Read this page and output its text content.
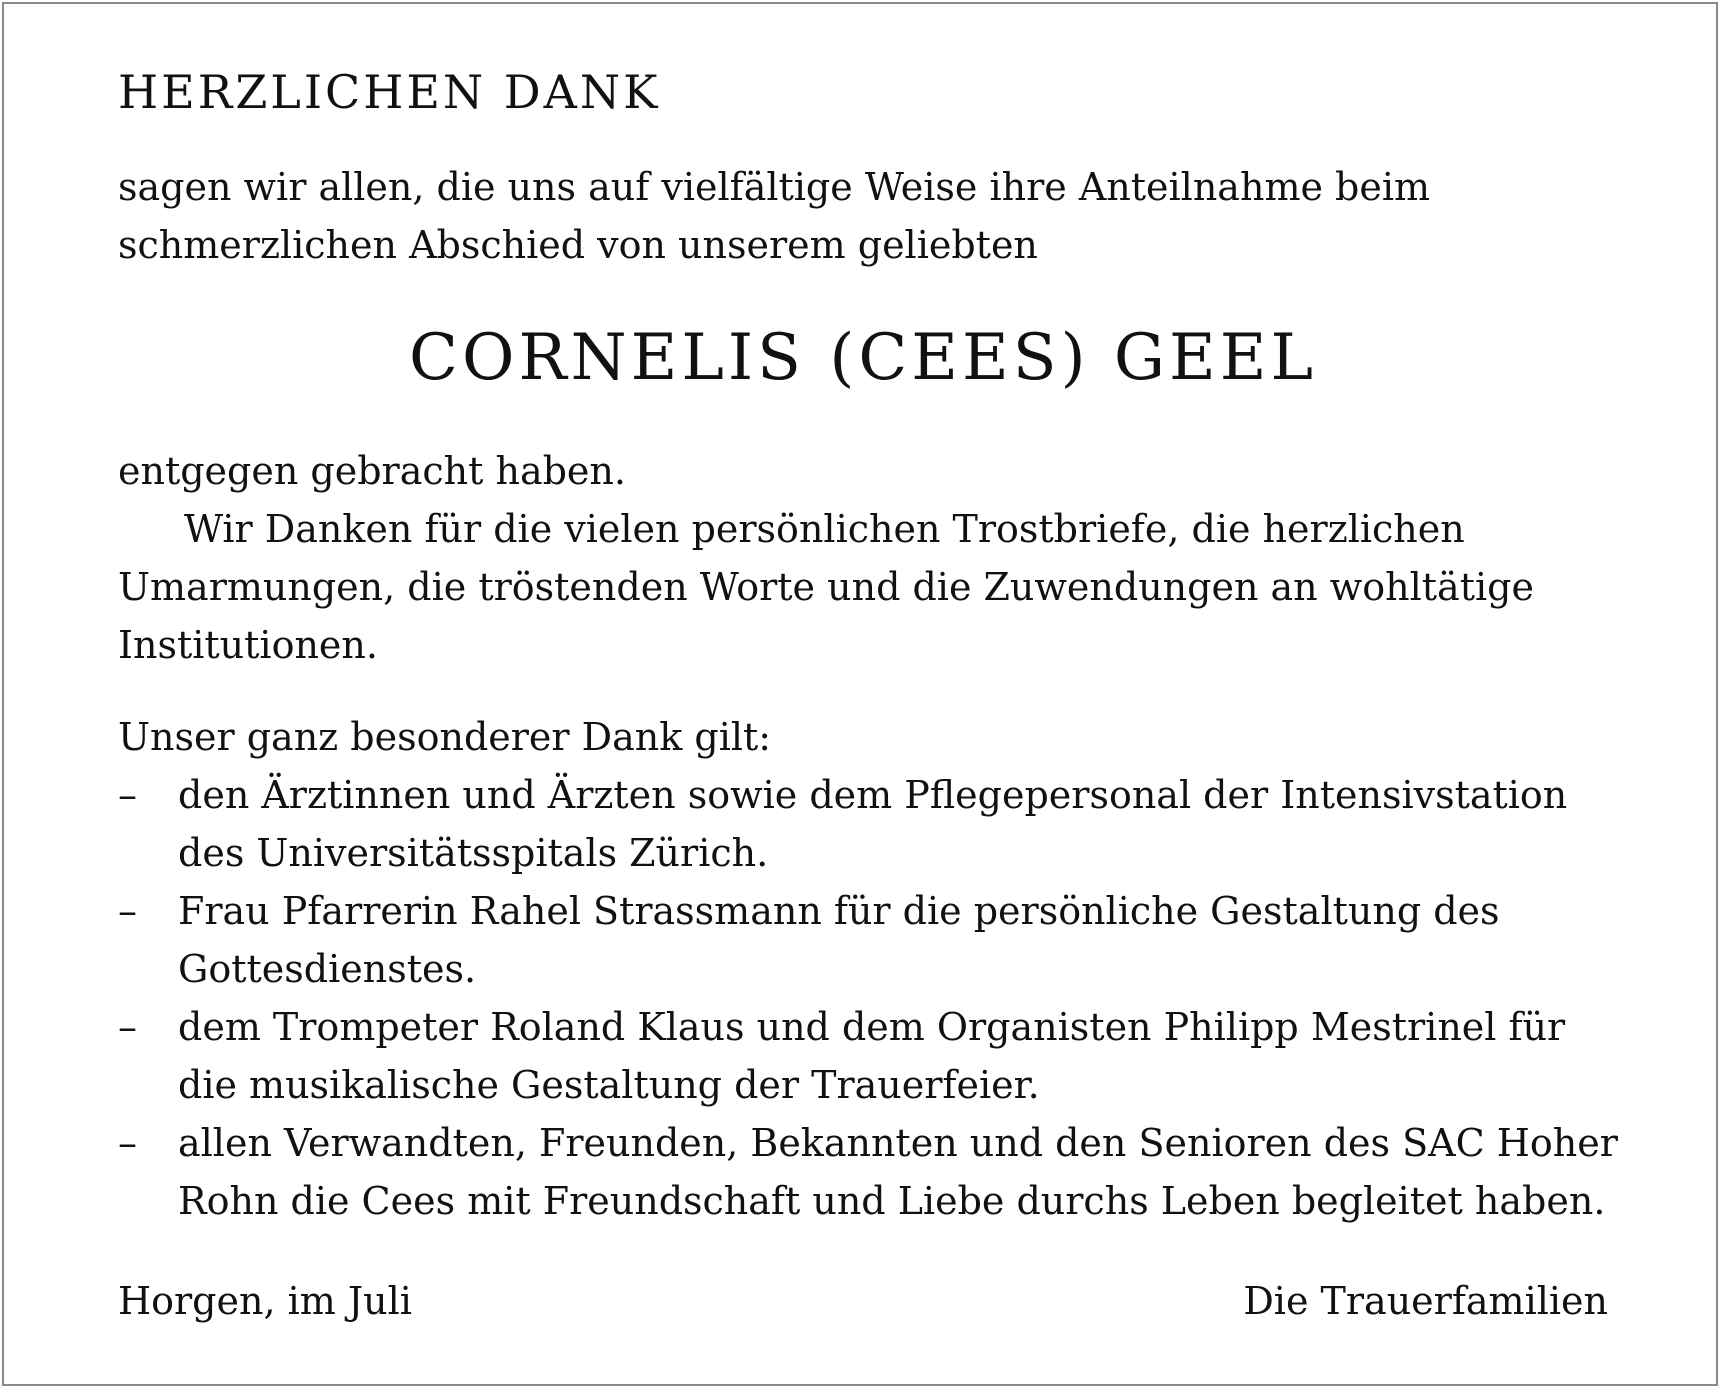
HERZLICHEN DANK
sagen wir allen, die uns auf vielfältige Weise ihre Anteilnahme beim
schmerzlichen Abschied von unserem geliebten
CORNELIS (CEES) GEEL
entgegen gebracht haben.
Wir Danken für die vielen persönlichen Trostbriefe, die herzlichen
Umarmungen, die tröstenden Worte und die Zuwendungen an wohltätige
Institutionen.
Unser ganz besonderer Dank gilt:
–	den Ärztinnen und Ärzten sowie dem Pflegepersonal der Intensivstation
des Universitätsspitals Zürich.
–	Frau Pfarrerin Rahel Strassmann für die persönliche Gestaltung des
Gottesdienstes.
–	dem Trompeter Roland Klaus und dem Organisten Philipp Mestrinel für
die musikalische Gestaltung der Trauerfeier.
–	allen Verwandten, Freunden, Bekannten und den Senioren des SAC Hoher
Rohn die Cees mit Freundschaft und Liebe durchs Leben begleitet haben.
Horgen, im Juli	Die Trauerfamilien
